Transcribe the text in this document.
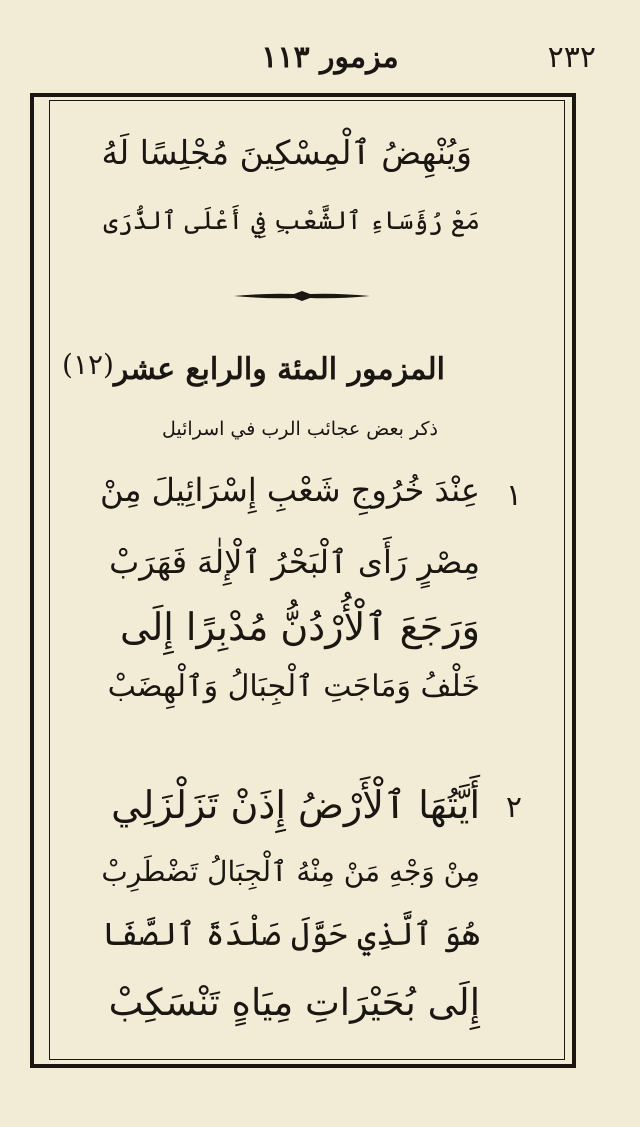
٢٣٢
مزمور ١١٣
وَيُنْهِضُ ٱلْمِسْكِينَ مُجْلِسًا لَهُ
مَعْ رُؤَسَاءِ ٱلشَّعْبِ فِي أَعْلَى ٱلذُّرَى
المزمور المئة والرابع عشر
(١٢)
ذكر بعض عجائب الرب في اسرائيل
١
عِنْدَ خُرُوجِ شَعْبِ إِسْرَائِيلَ مِنْ
مِصْرٍ رَأَى ٱلْبَحْرُ ٱلْإِلٰهَ فَهَرَبْ
وَرَجَعَ ٱلْأُرْدُنُّ مُدْبِرًا إِلَى
خَلْفُ وَمَاجَتِ ٱلْجِبَالُ وَٱلْهِضَبْ
٢
أَيَّتُهَا ٱلْأَرْضُ إِذَنْ تَزَلْزَلِي
مِنْ وَجْهِ مَنْ مِنْهُ ٱلْجِبَالُ تَضْطَرِبْ
هُوَ ٱلَّذِي حَوَّلَ صَلْدَةَ ٱلصَّفَا
إِلَى بُحَيْرَاتِ مِيَاهٍ تَنْسَكِبْ
